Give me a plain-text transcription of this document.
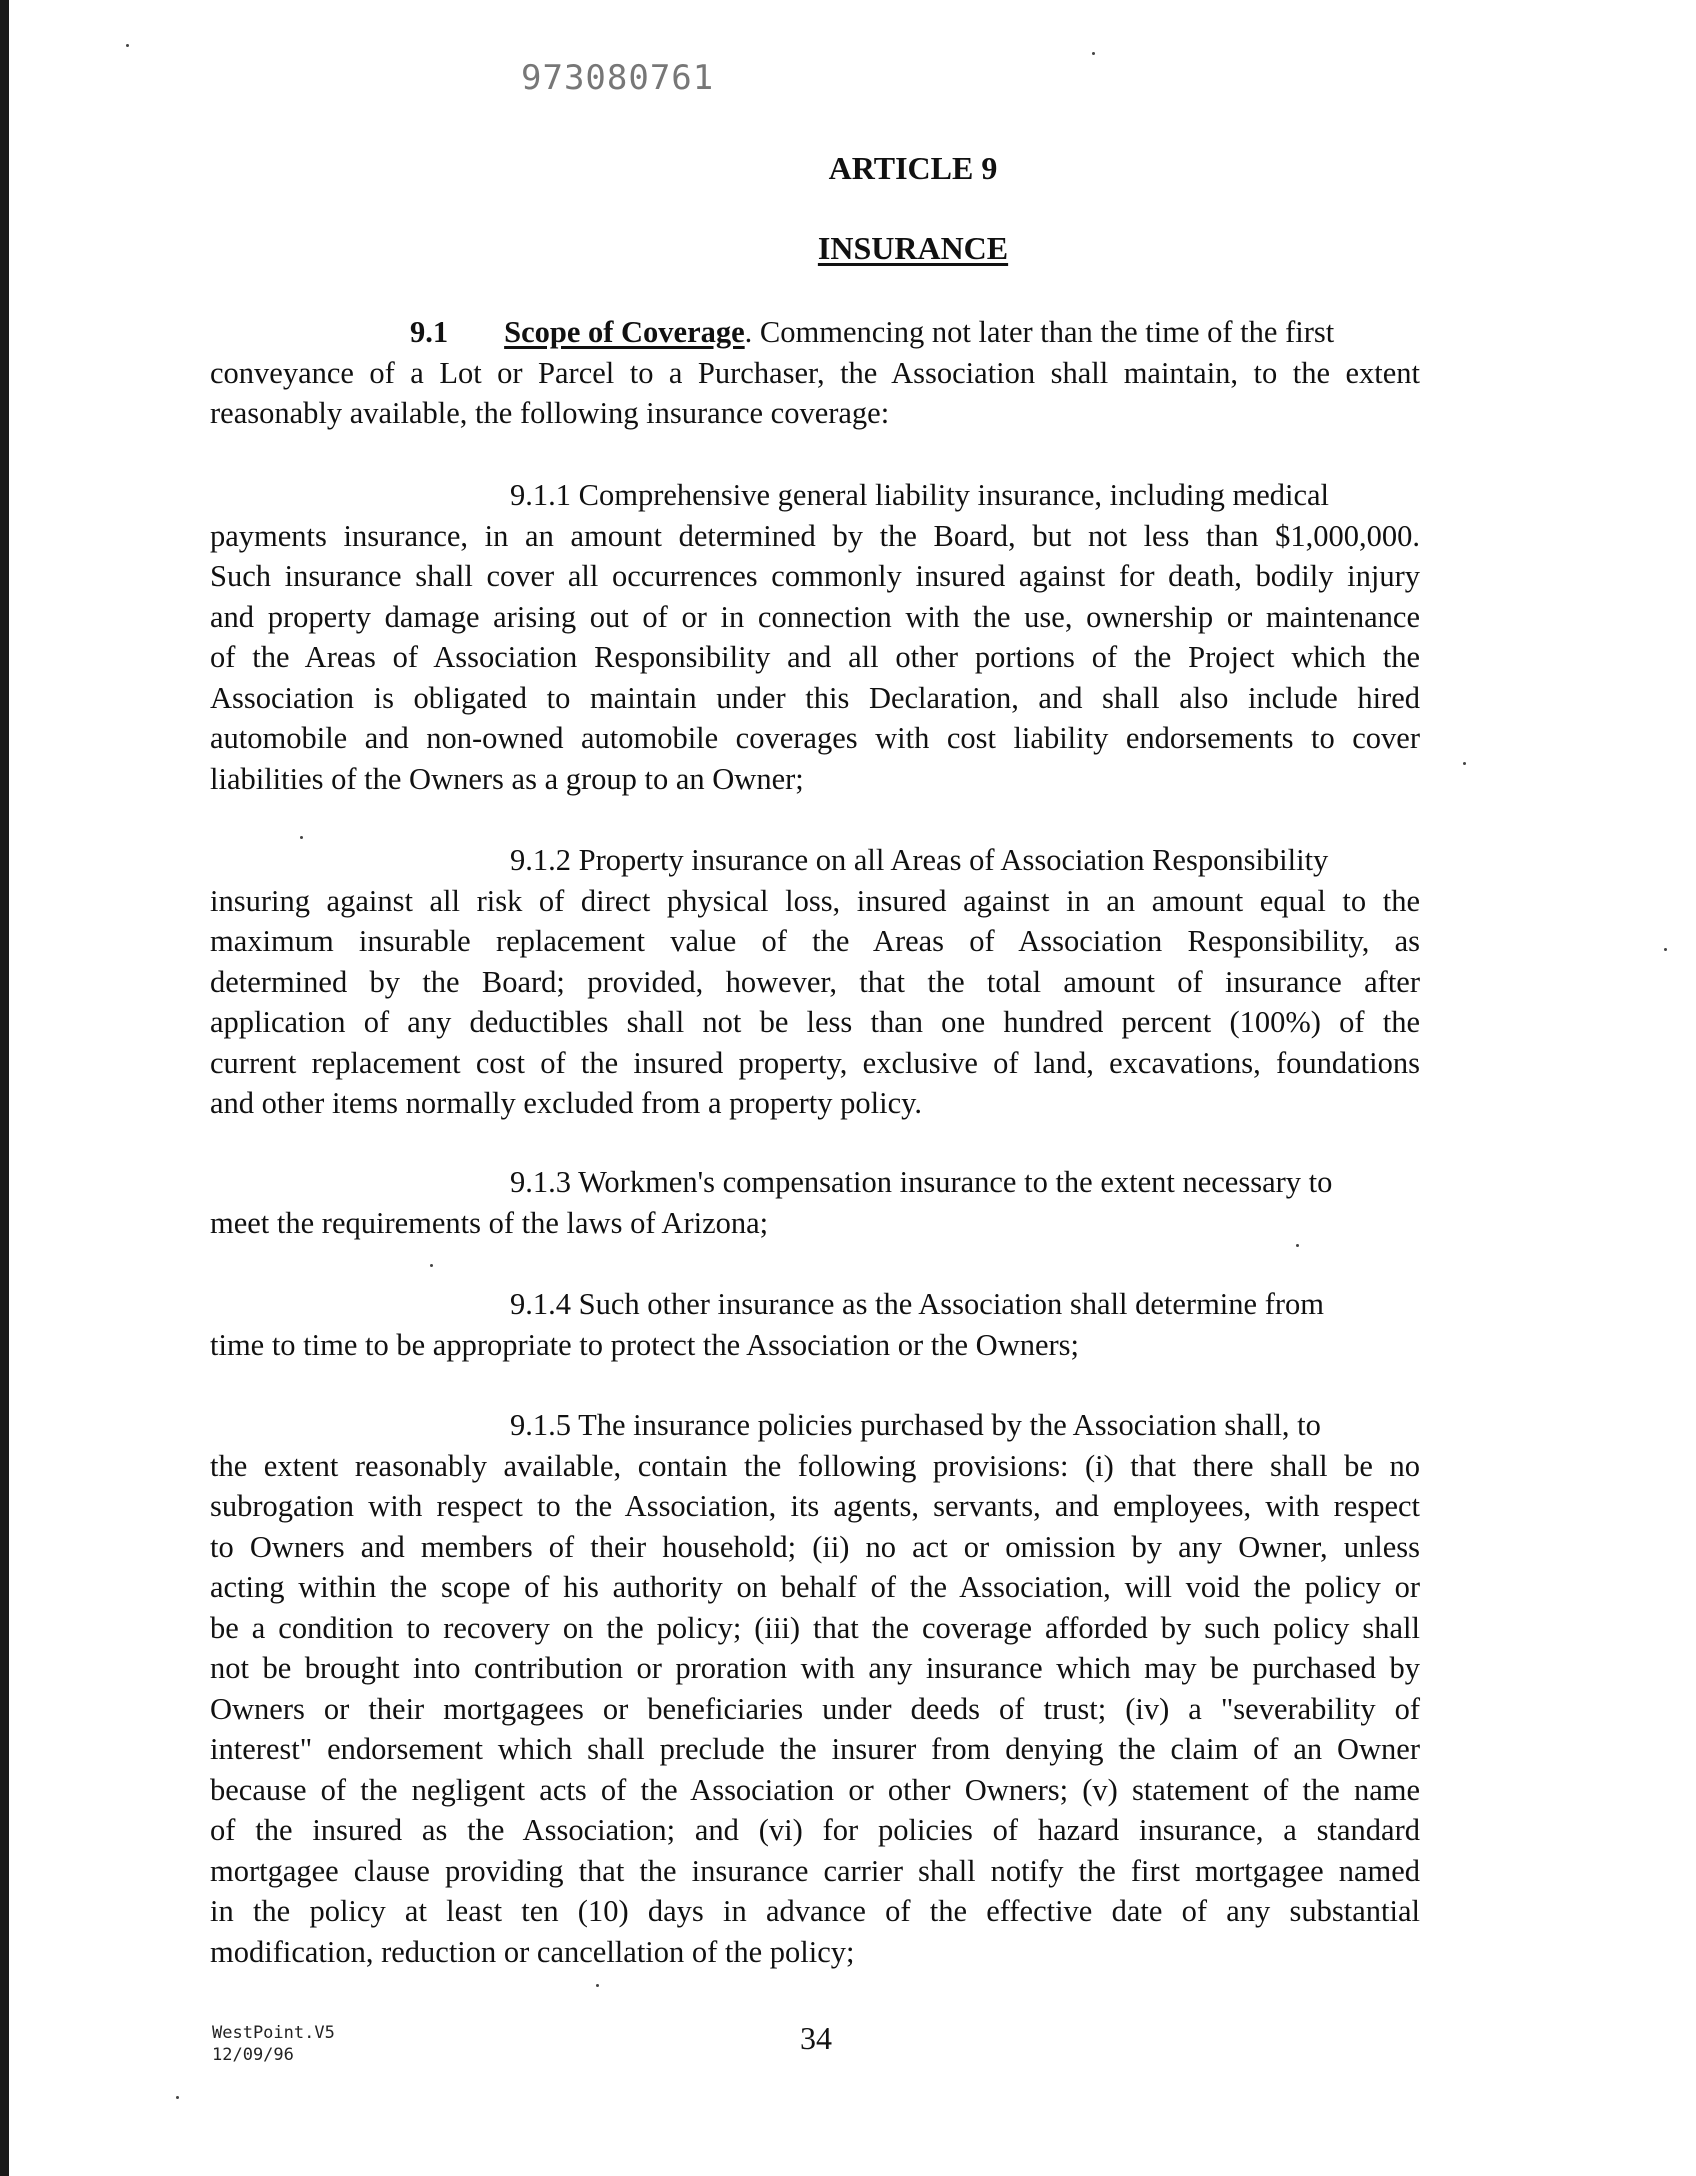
973080761
ARTICLE 9
INSURANCE
9.1 Scope of Coverage. Commencing not later than the time of the first
conveyance of a Lot or Parcel to a Purchaser, the Association shall maintain, to the extent
reasonably available, the following insurance coverage:
9.1.1 Comprehensive general liability insurance, including medical
payments insurance, in an amount determined by the Board, but not less than $1,000,000.
Such insurance shall cover all occurrences commonly insured against for death, bodily injury
and property damage arising out of or in connection with the use, ownership or maintenance
of the Areas of Association Responsibility and all other portions of the Project which the
Association is obligated to maintain under this Declaration, and shall also include hired
automobile and non-owned automobile coverages with cost liability endorsements to cover
liabilities of the Owners as a group to an Owner;
9.1.2 Property insurance on all Areas of Association Responsibility
insuring against all risk of direct physical loss, insured against in an amount equal to the
maximum insurable replacement value of the Areas of Association Responsibility, as
determined by the Board; provided, however, that the total amount of insurance after
application of any deductibles shall not be less than one hundred percent (100%) of the
current replacement cost of the insured property, exclusive of land, excavations, foundations
and other items normally excluded from a property policy.
9.1.3 Workmen's compensation insurance to the extent necessary to
meet the requirements of the laws of Arizona;
9.1.4 Such other insurance as the Association shall determine from
time to time to be appropriate to protect the Association or the Owners;
9.1.5 The insurance policies purchased by the Association shall, to
the extent reasonably available, contain the following provisions: (i) that there shall be no
subrogation with respect to the Association, its agents, servants, and employees, with respect
to Owners and members of their household; (ii) no act or omission by any Owner, unless
acting within the scope of his authority on behalf of the Association, will void the policy or
be a condition to recovery on the policy; (iii) that the coverage afforded by such policy shall
not be brought into contribution or proration with any insurance which may be purchased by
Owners or their mortgagees or beneficiaries under deeds of trust; (iv) a "severability of
interest" endorsement which shall preclude the insurer from denying the claim of an Owner
because of the negligent acts of the Association or other Owners; (v) statement of the name
of the insured as the Association; and (vi) for policies of hazard insurance, a standard
mortgagee clause providing that the insurance carrier shall notify the first mortgagee named
in the policy at least ten (10) days in advance of the effective date of any substantial
modification, reduction or cancellation of the policy;
WestPoint.V5
12/09/96	34
